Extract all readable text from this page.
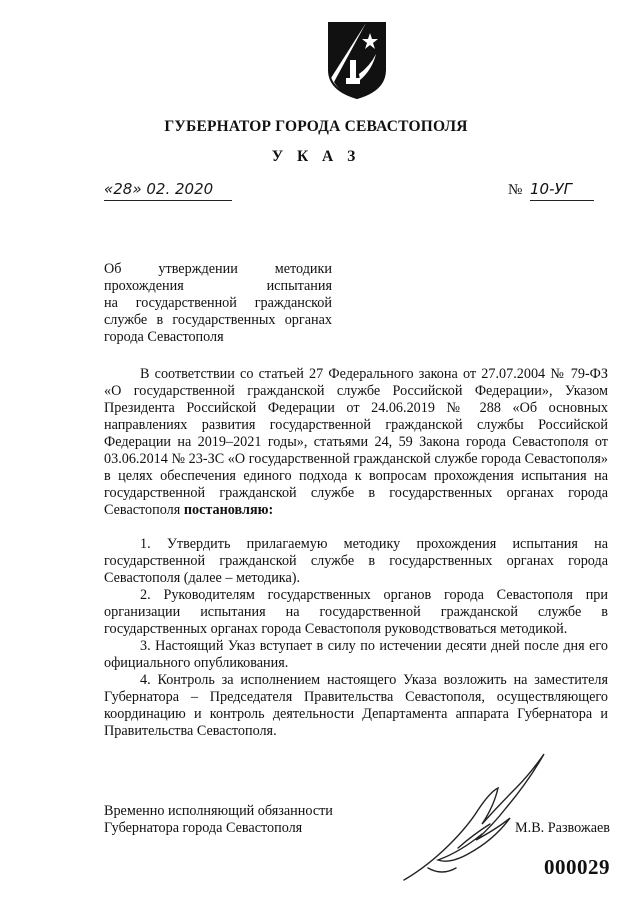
ГУБЕРНАТОР ГОРОДА СЕВАСТОПОЛЯ
У К А З
«28» 02. 2020	№ 10-УГ
Об утверждении методики
прохождения испытания
на государственной гражданской
службе в государственных органах
города Севастополя

В соответствии со статьей 27 Федерального закона от 27.07.2004 № 79-ФЗ «О государственной гражданской службе Российской Федерации», Указом Президента Российской Федерации от 24.06.2019 № 288 «Об основных направлениях развития государственной гражданской службы Российской Федерации на 2019–2021 годы», статьями 24, 59 Закона города Севастополя от 03.06.2014 № 23-ЗС «О государственной гражданской службе города Севастополя» в целях обеспечения единого подхода к вопросам прохождения испытания на государственной гражданской службе в государственных органах города Севастополя постановляю:

1. Утвердить прилагаемую методику прохождения испытания на государственной гражданской службе в государственных органах города Севастополя (далее – методика).

2. Руководителям государственных органов города Севастополя при организации испытания на государственной гражданской службе в государственных органах города Севастополя руководствоваться методикой.

3. Настоящий Указ вступает в силу по истечении десяти дней после дня его официального опубликования.

4. Контроль за исполнением настоящего Указа возложить на заместителя Губернатора – Председателя Правительства Севастополя, осуществляющего координацию и контроль деятельности Департамента аппарата Губернатора и Правительства Севастополя.

Временно исполняющий обязанности
Губернатора города Севастополя	М.В. Развожаев
000029
